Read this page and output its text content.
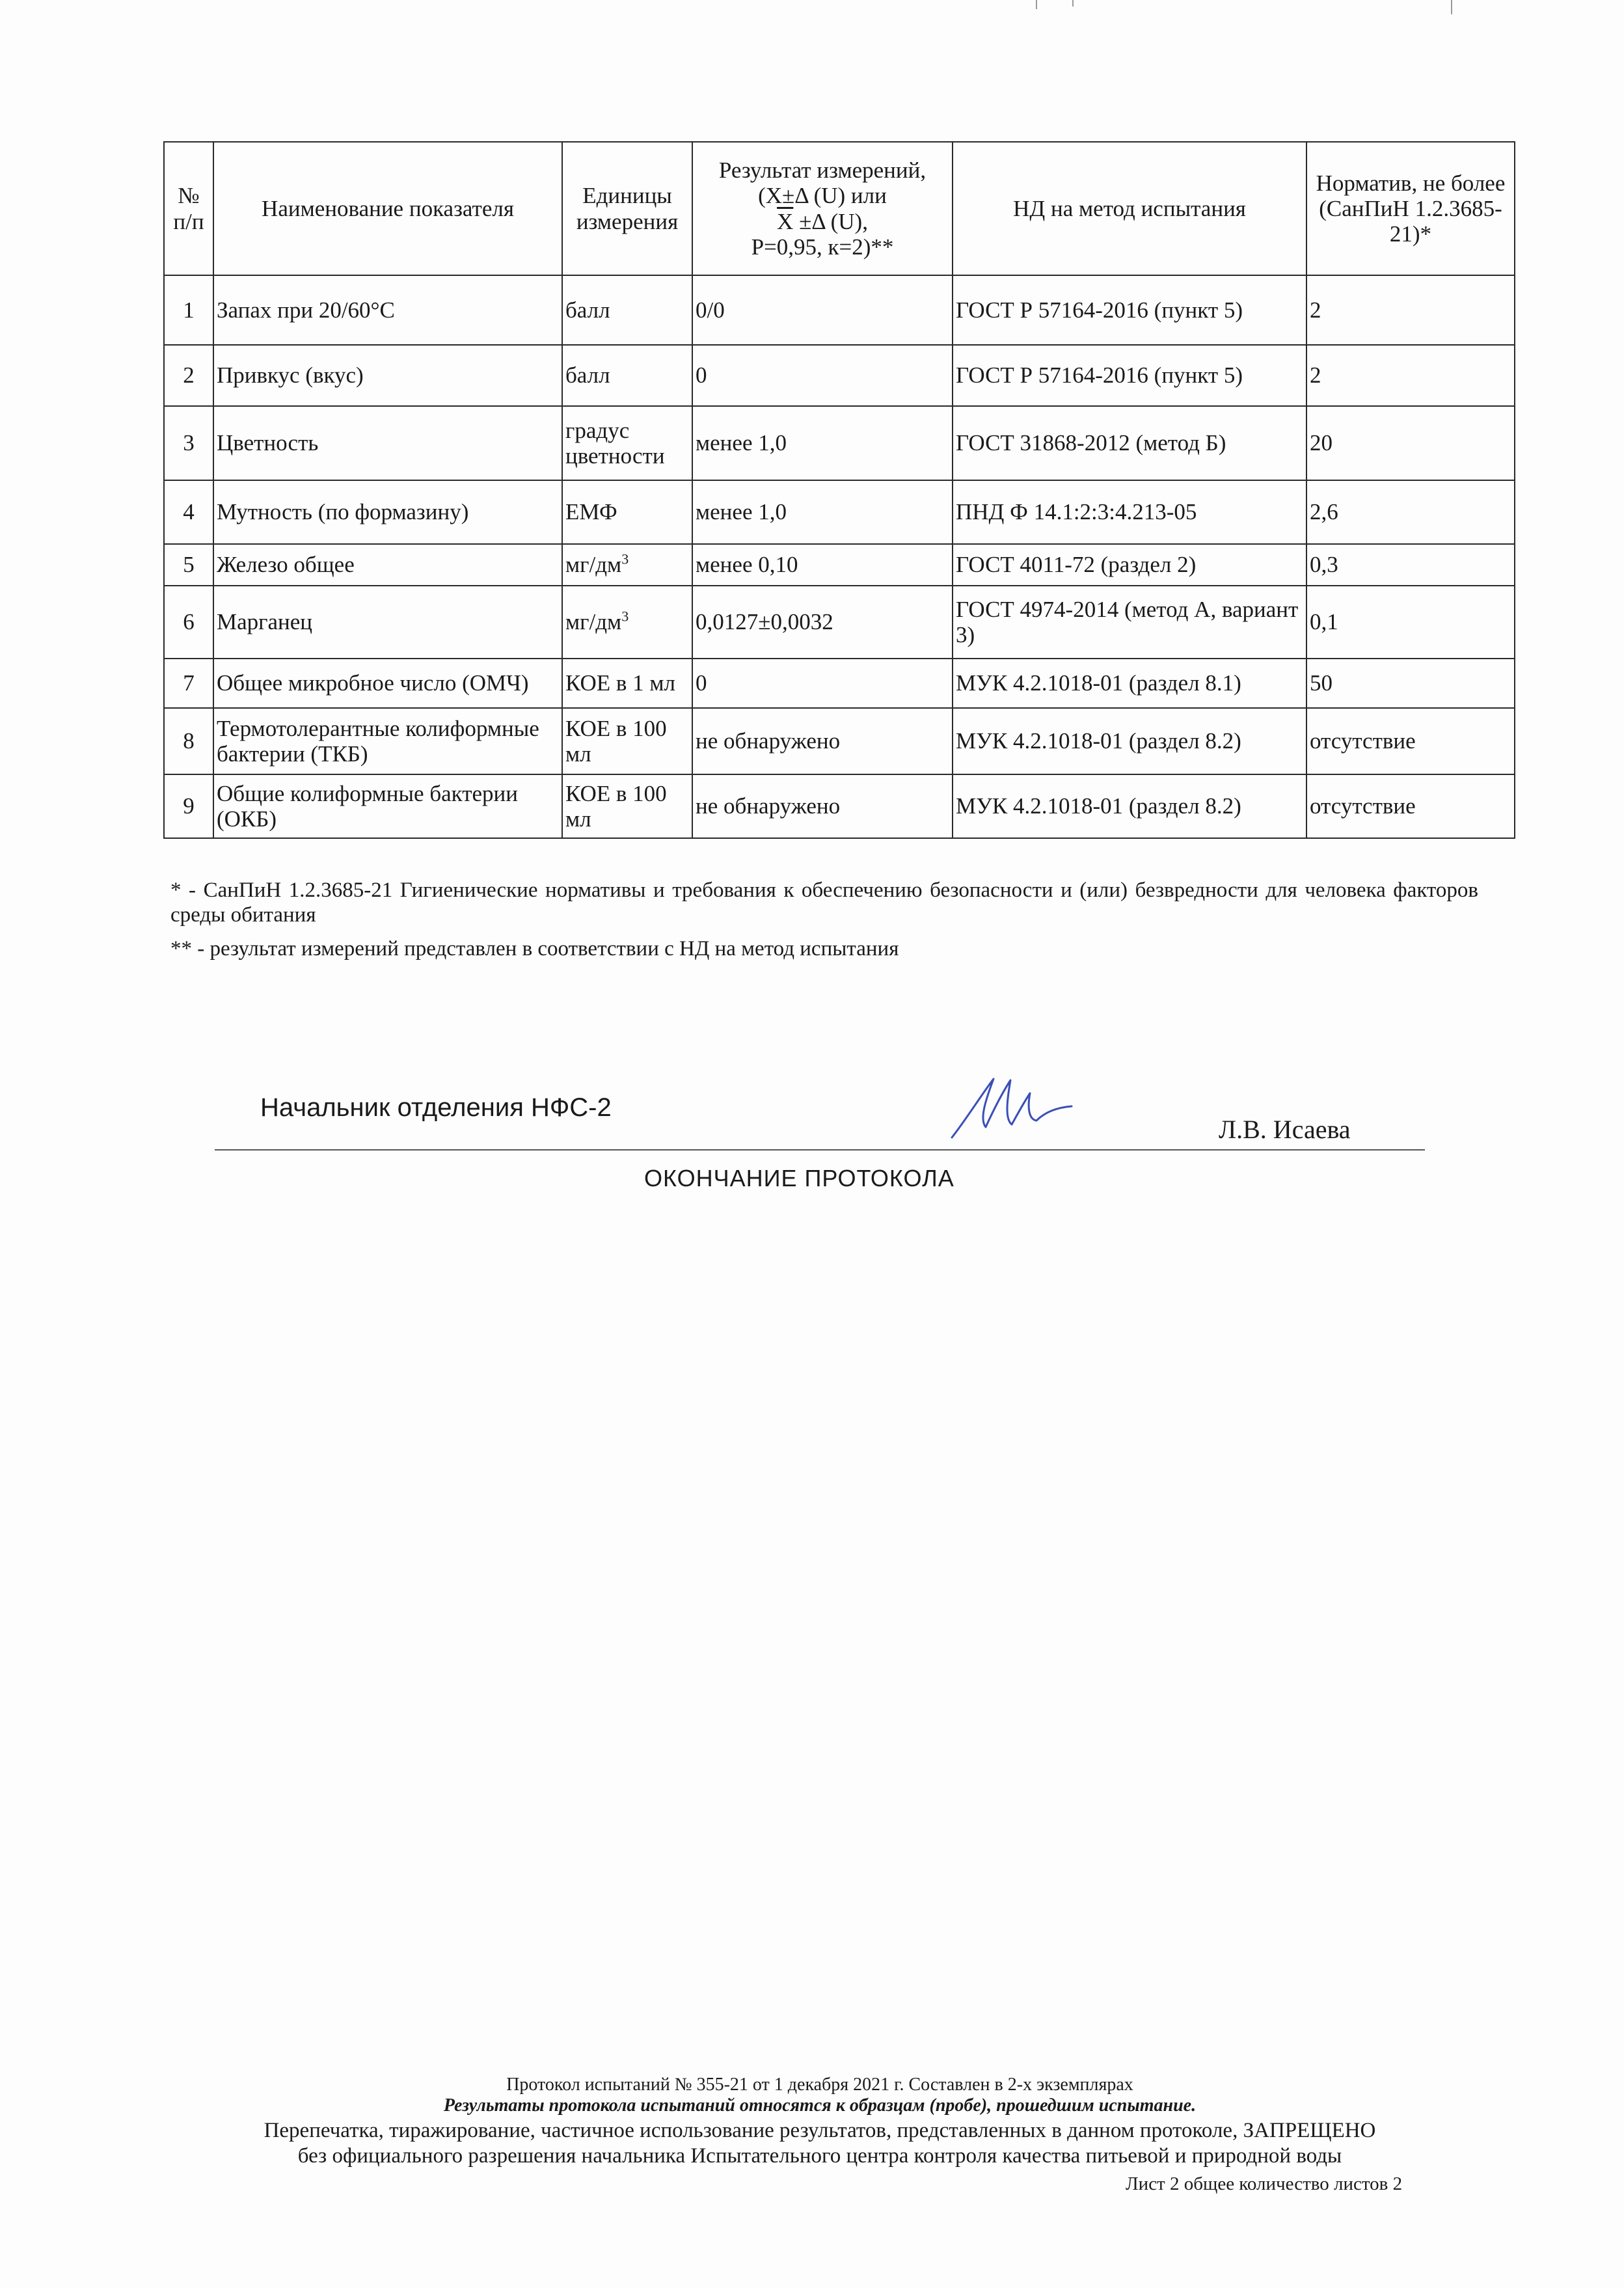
№ п/п	Наименование показателя	Единицы измерения	Результат измерений,
(X±Δ (U) или
$\overline{X} \pm\Delta$ (U),
P=0,95, к=2)**	НД на метод испытания	Норматив, не более (СанПиН 1.2.3685-21)*
1	Запах при 20/60°С	балл	0/0	ГОСТ Р 57164-2016 (пункт 5)	2
2	Привкус (вкус)	балл	0	ГОСТ Р 57164-2016 (пункт 5)	2
3	Цветность	градус цветности	менее 1,0	ГОСТ 31868-2012 (метод Б)	20
4	Мутность (по формазину)	ЕМФ	менее 1,0	ПНД Ф 14.1:2:3:4.213-05	2,6
5	Железо общее	$мг/дм^3$	менее 0,10	ГОСТ 4011-72 (раздел 2)	0,3
6	Марганец	$мг/дм^3$	0,0127±0,0032	ГОСТ 4974-2014 (метод А, вариант 3)	0,1
7	Общее микробное число (ОМЧ)	КОЕ в 1 мл	0	МУК 4.2.1018-01 (раздел 8.1)	50
8	Термотолерантные колиформные бактерии (ТКБ)	КОЕ в 100 мл	не обнаружено	МУК 4.2.1018-01 (раздел 8.2)	отсутствие
9	Общие колиформные бактерии (ОКБ)	КОЕ в 100 мл	не обнаружено	МУК 4.2.1018-01 (раздел 8.2)	отсутствие
* - СанПиН 1.2.3685-21 Гигиенические нормативы и требования к обеспечению безопасности и (или) безвредности для человека факторов среды обитания
** - результат измерений представлен в соответствии с НД на метод испытания
Начальник отделения НФС-2
Л.В. Исаева
ОКОНЧАНИЕ ПРОТОКОЛА
Протокол испытаний № 355-21 от 1 декабря 2021 г. Составлен в 2-х экземплярах
Результаты протокола испытаний относятся к образцам (пробе), прошедшим испытание.
Перепечатка, тиражирование, частичное использование результатов, представленных в данном протоколе, ЗАПРЕЩЕНО
без официального разрешения начальника Испытательного центра контроля качества питьевой и природной воды
Лист 2 общее количество листов 2
